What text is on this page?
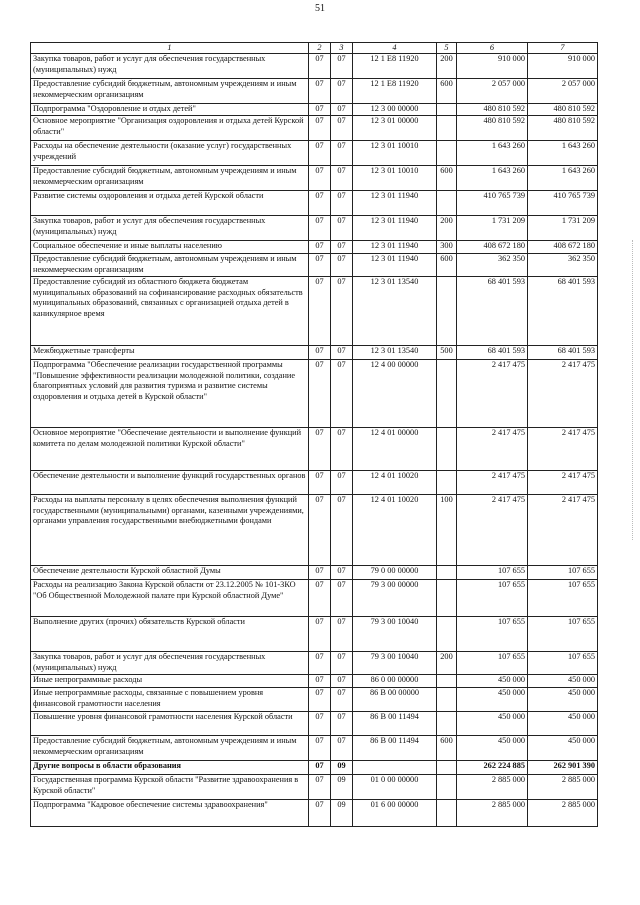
51
1	2	3	4	5	6	7
Закупка товаров, работ и услуг для обеспечения государственных (муниципальных) нужд	07	07	12 1 E8 11920	200	910 000	910 000
Предоставление субсидий бюджетным, автономным учреждениям и иным некоммерческим организациям	07	07	12 1 E8 11920	600	2 057 000	2 057 000
Подпрограмма "Оздоровление и отдых детей"	07	07	12 3 00 00000		480 810 592	480 810 592
Основное мероприятие "Организация оздоровления и отдыха детей Курской области"	07	07	12 3 01 00000		480 810 592	480 810 592
Расходы на обеспечение деятельности (оказание услуг) государственных учреждений	07	07	12 3 01 10010		1 643 260	1 643 260
Предоставление субсидий бюджетным, автономным учреждениям и иным некоммерческим организациям	07	07	12 3 01 10010	600	1 643 260	1 643 260
Развитие системы оздоровления и отдыха детей Курской области	07	07	12 3 01 11940		410 765 739	410 765 739
Закупка товаров, работ и услуг для обеспечения государственных (муниципальных) нужд	07	07	12 3 01 11940	200	1 731 209	1 731 209
Социальное обеспечение и иные выплаты населению	07	07	12 3 01 11940	300	408 672 180	408 672 180
Предоставление субсидий бюджетным, автономным учреждениям и иным некоммерческим организациям	07	07	12 3 01 11940	600	362 350	362 350
Предоставление субсидий из областного бюджета бюджетам муниципальных образований на софинансирование расходных обязательств муниципальных образований, связанных с организацией отдыха детей в каникулярное время	07	07	12 3 01 13540		68 401 593	68 401 593
Межбюджетные трансферты	07	07	12 3 01 13540	500	68 401 593	68 401 593
Подпрограмма "Обеспечение реализации государственной программы "Повышение эффективности реализации молодежной политики, создание благоприятных условий для развития туризма и развитие системы оздоровления и отдыха детей в Курской области"	07	07	12 4 00 00000		2 417 475	2 417 475
Основное мероприятие "Обеспечение деятельности и выполнение функций комитета по делам молодежной политики Курской области"	07	07	12 4 01 00000		2 417 475	2 417 475
Обеспечение деятельности и выполнение функций государственных органов	07	07	12 4 01 10020		2 417 475	2 417 475
Расходы на выплаты персоналу в целях обеспечения выполнения функций государственными (муниципальными) органами, казенными учреждениями, органами управления государственными внебюджетными фондами	07	07	12 4 01 10020	100	2 417 475	2 417 475
Обеспечение деятельности Курской областной Думы	07	07	79 0 00 00000		107 655	107 655
Расходы на реализацию Закона Курской области от 23.12.2005 № 101-ЗКО "Об Общественной Молодежной палате при Курской областной Думе"	07	07	79 3 00 00000		107 655	107 655
Выполнение других (прочих) обязательств Курской области	07	07	79 3 00 10040		107 655	107 655
Закупка товаров, работ и услуг для обеспечения государственных (муниципальных) нужд	07	07	79 3 00 10040	200	107 655	107 655
Иные непрограммные расходы	07	07	86 0 00 00000		450 000	450 000
Иные непрограммные расходы, связанные с повышением уровня финансовой грамотности населения	07	07	86 В 00 00000		450 000	450 000
Повышение уровня финансовой грамотности населения Курской области	07	07	86 В 00 11494		450 000	450 000
Предоставление субсидий бюджетным, автономным учреждениям и иным некоммерческим организациям	07	07	86 В 00 11494	600	450 000	450 000
Другие вопросы в области образования	07	09			262 224 885	262 901 390
Государственная программа Курской области "Развитие здравоохранения в Курской области"	07	09	01 0 00 00000		2 885 000	2 885 000
Подпрограмма "Кадровое обеспечение системы здравоохранения"	07	09	01 6 00 00000		2 885 000	2 885 000
